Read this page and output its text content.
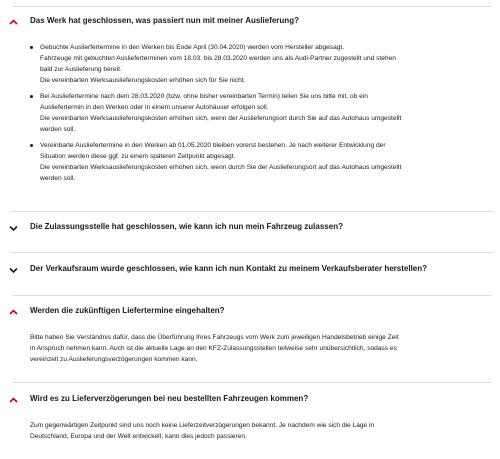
Das Werk hat geschlossen, was passiert nun mit meiner Auslieferung?
Gebuchte Auslierfertermine in den Werken bis Ende April (30.04.2020) werden vom Hersteller abgesagt.
Fahrzeuge mit gebuchten Auslieferterminen vom 18.03. bis 28.03.2020 werden uns als Audi-Partner zugestellt und stehen
bald zur Auslieferung bereit.
Die vereinbarten Werksauslieferungskosten erhöhen sich für Sie nicht.
Bei Ausliefertermine nach dem 28.03.2020 (bzw. ohne bisher vereinbarten Termin) teilen Sie uns bitte mit, ob ein
Ausliefertermin in den Werken oder in einem unserer Autohäuser erfolgen soll.
Die vereinbarten Werksauslieferungskosten erhöhen sich, wenn der Auslieferungsort durch Sie auf das Autohaus umgestellt
werden soll.
Vereinbarte Ausliefertermine in den Werken ab 01.05.2020 bleiben vorerst bestehen. Je nach weiterer Entwicklung der
Situation werden diese ggf. zu einem späteren Zeitpunkt abgesagt.
Die vereinbarten Werksauslieferungskosten erhöhen sich, wenn durch Sie der Auslieferungsort auf das Autohaus umgestellt
werden soll.
Die Zulassungsstelle hat geschlossen, wie kann ich nun mein Fahrzeug zulassen?
Der Verkaufsraum wurde geschlossen, wie kann ich nun Kontakt zu meinem Verkaufsberater herstellen?
Werden die zukünftigen Liefertermine eingehalten?

Bitte haben Sie Verständnis dafür, dass die Überführung Ihres Fahrzeugs vom Werk zum jeweiligen Handelsbetrieb einige Zeit
in Anspruch nehmen kann. Auch ist die aktuelle Lage an den KFZ-Zulassungsstellen teilweise sehr unübersichtlich, sodass es
vereinzelt zu Auslieferungsverzögerungen kommen kann.

Wird es zu Lieferverzögerungen bei neu bestellten Fahrzeugen kommen?

Zum gegenwärtigen Zeitpunkt sind uns noch keine Lieferzeitverzögerungen bekannt. Je nachdem wie sich die Lage in
Deutschland, Europa und der Welt entwickelt, kann dies jedoch passieren.
